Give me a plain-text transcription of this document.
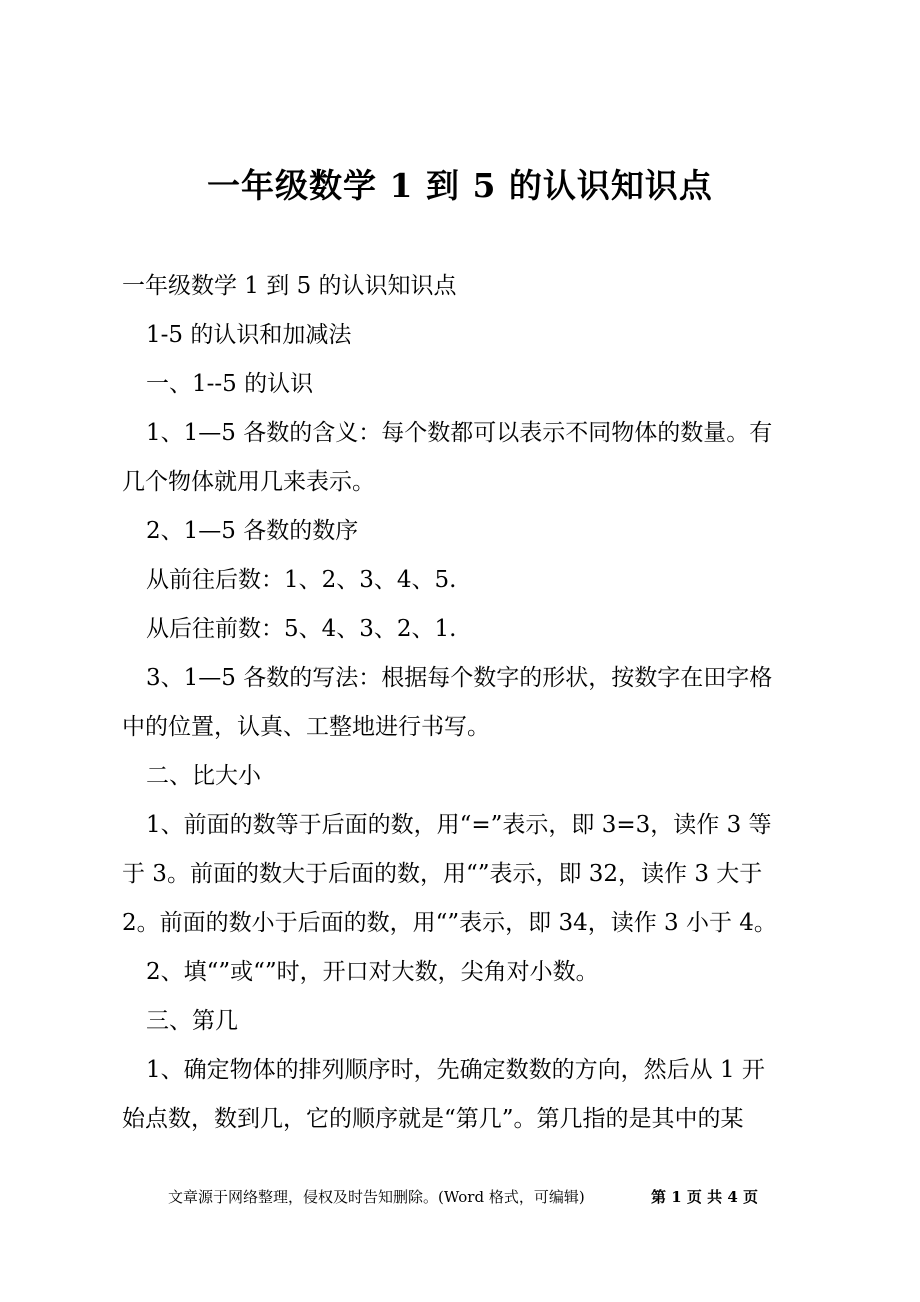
一年级数学 1 到 5 的认识知识点

一年级数学 1 到 5 的认识知识点

1-5 的认识和加减法

一、1--5 的认识

1、1—5 各数的含义：每个数都可以表示不同物体的数量。有

几个物体就用几来表示。

2、1—5 各数的数序

从前往后数：1、2、3、4、5.

从后往前数：5、4、3、2、1.

3、1—5 各数的写法：根据每个数字的形状，按数字在田字格

中的位置，认真、工整地进行书写。

二、比大小

1、前面的数等于后面的数，用“=”表示，即 3=3，读作 3 等

于 3。前面的数大于后面的数，用“”表示，即 32，读作 3 大于

2。前面的数小于后面的数，用“”表示，即 34，读作 3 小于 4。

2、填“”或“”时，开口对大数，尖角对小数。

三、第几

1、确定物体的排列顺序时，先确定数数的方向，然后从 1 开

始点数，数到几，它的顺序就是“第几”。第几指的是其中的某

文章源于网络整理，侵权及时告知删除。(Word 格式，可编辑)	第 1 页 共 4 页
